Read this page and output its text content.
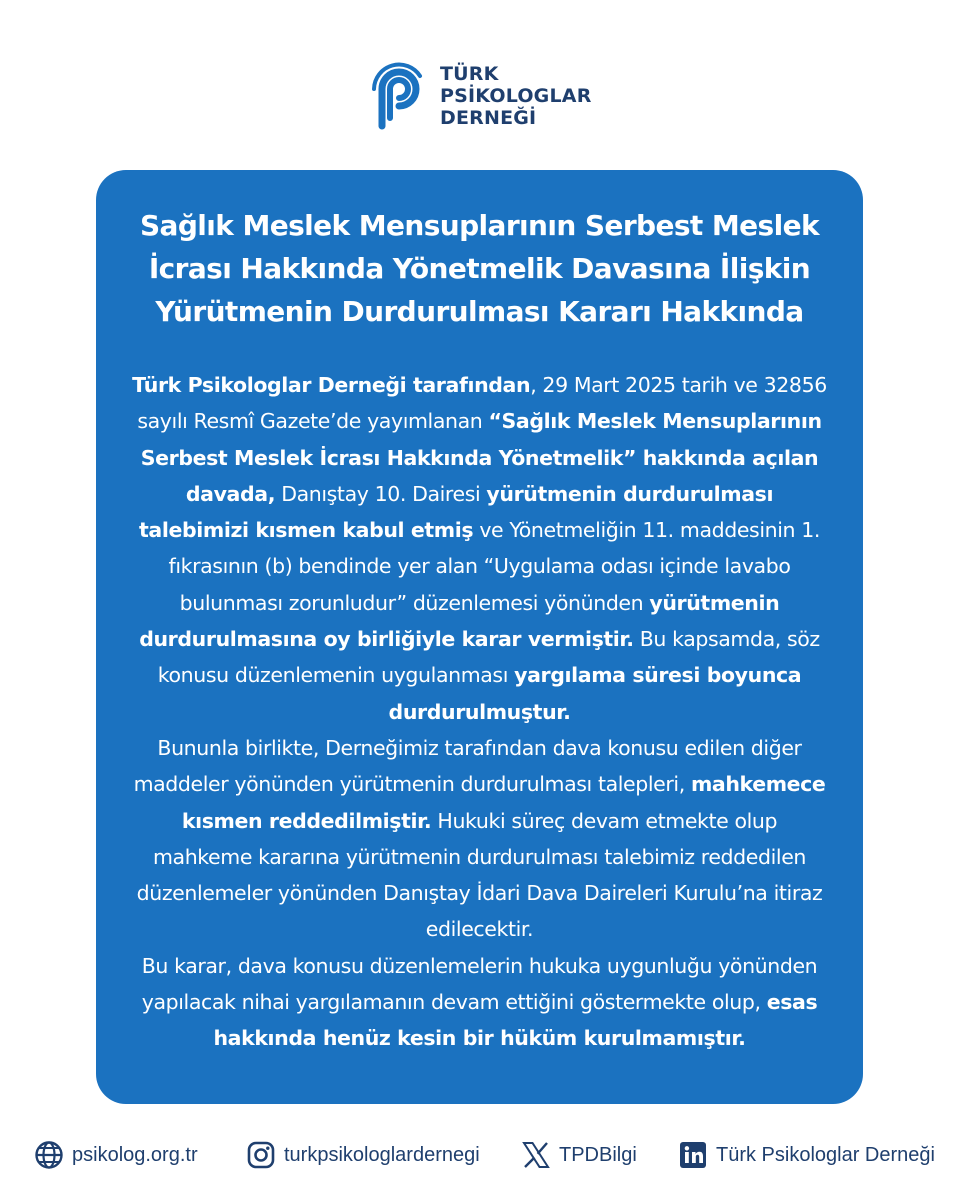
TÜRK
PSİKOLOGLAR
DERNEĞİ
Sağlık Meslek Mensuplarının Serbest Meslek
İcrası Hakkında Yönetmelik Davasına İlişkin
Yürütmenin Durdurulması Kararı Hakkında

Türk Psikologlar Derneği tarafından, 29 Mart 2025 tarih ve 32856 sayılı Resmî Gazete’de yayımlanan “Sağlık Meslek Mensuplarının Serbest Meslek İcrası Hakkında Yönetmelik” hakkında açılan davada, Danıştay 10. Dairesi yürütmenin durdurulması talebimizi kısmen kabul etmiş ve Yönetmeliğin 11. maddesinin 1. fıkrasının (b) bendinde yer alan “Uygulama odası içinde lavabo bulunması zorunludur” düzenlemesi yönünden yürütmenin durdurulmasına oy birliğiyle karar vermiştir. Bu kapsamda, söz konusu düzenlemenin uygulanması yargılama süresi boyunca durdurulmuştur.

Bununla birlikte, Derneğimiz tarafından dava konusu edilen diğer maddeler yönünden yürütmenin durdurulması talepleri, mahkemece kısmen reddedilmiştir. Hukuki süreç devam etmekte olup mahkeme kararına yürütmenin durdurulması talebimiz reddedilen düzenlemeler yönünden Danıştay İdari Dava Daireleri Kurulu’na itiraz edilecektir.

Bu karar, dava konusu düzenlemelerin hukuka uygunluğu yönünden yapılacak nihai yargılamanın devam ettiğini göstermekte olup, esas hakkında henüz kesin bir hüküm kurulmamıştır.

psikolog.org.tr	turkpsikologlardernegi	TPDBilgi	Türk Psikologlar Derneği
